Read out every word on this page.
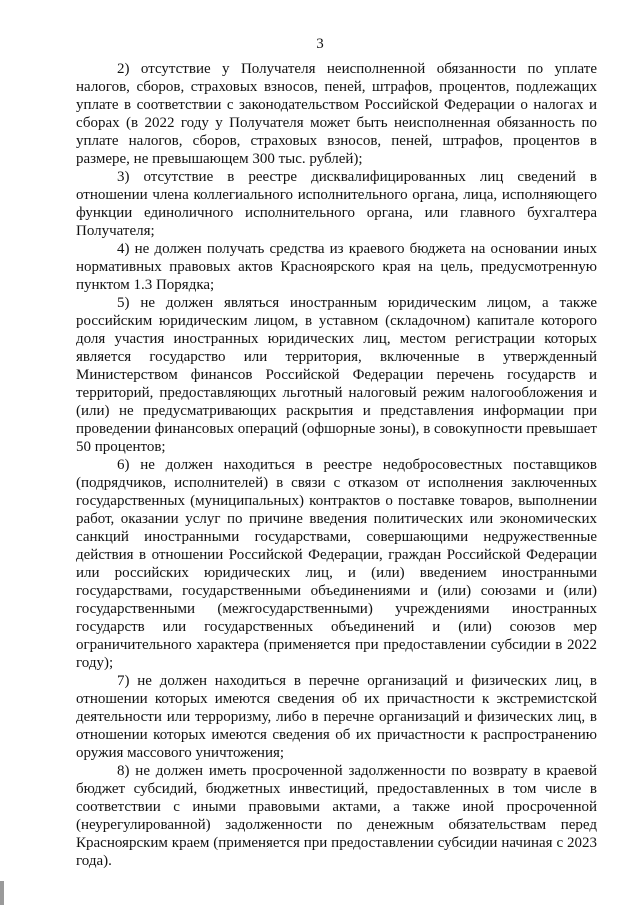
3

2) отсутствие у Получателя неисполненной обязанности по уплате налогов, сборов, страховых взносов, пеней, штрафов, процентов, подлежащих уплате в соответствии с законодательством Российской Федерации о налогах и сборах (в 2022 году у Получателя может быть неисполненная обязанность по уплате налогов, сборов, страховых взносов, пеней, штрафов, процентов в размере, не превышающем 300 тыс. рублей);

3) отсутствие в реестре дисквалифицированных лиц сведений в отношении члена коллегиального исполнительного органа, лица, исполняющего функции единоличного исполнительного органа, или главного бухгалтера Получателя;

4) не должен получать средства из краевого бюджета на основании иных нормативных правовых актов Красноярского края на цель, предусмотренную пунктом 1.3 Порядка;

5) не должен являться иностранным юридическим лицом, а также российским юридическим лицом, в уставном (складочном) капитале которого доля участия иностранных юридических лиц, местом регистрации которых является государство или территория, включенные в утвержденный Министерством финансов Российской Федерации перечень государств и территорий, предоставляющих льготный налоговый режим налогообложения и (или) не предусматривающих раскрытия и представления информации при проведении финансовых операций (офшорные зоны), в совокупности превышает 50 процентов;

6) не должен находиться в реестре недобросовестных поставщиков (подрядчиков, исполнителей) в связи с отказом от исполнения заключенных государственных (муниципальных) контрактов о поставке товаров, выполнении работ, оказании услуг по причине введения политических или экономических санкций иностранными государствами, совершающими недружественные действия в отношении Российской Федерации, граждан Российской Федерации или российских юридических лиц, и (или) введением иностранными государствами, государственными объединениями и (или) союзами и (или) государственными (межгосударственными) учреждениями иностранных государств или государственных объединений и (или) союзов мер ограничительного характера (применяется при предоставлении субсидии в 2022 году);

7) не должен находиться в перечне организаций и физических лиц, в отношении которых имеются сведения об их причастности к экстремистской деятельности или терроризму, либо в перечне организаций и физических лиц, в отношении которых имеются сведения об их причастности к распространению оружия массового уничтожения;

8) не должен иметь просроченной задолженности по возврату в краевой бюджет субсидий, бюджетных инвестиций, предоставленных в том числе в соответствии с иными правовыми актами, а также иной просроченной (неурегулированной) задолженности по денежным обязательствам перед Красноярским краем (применяется при предоставлении субсидии начиная с 2023 года).
